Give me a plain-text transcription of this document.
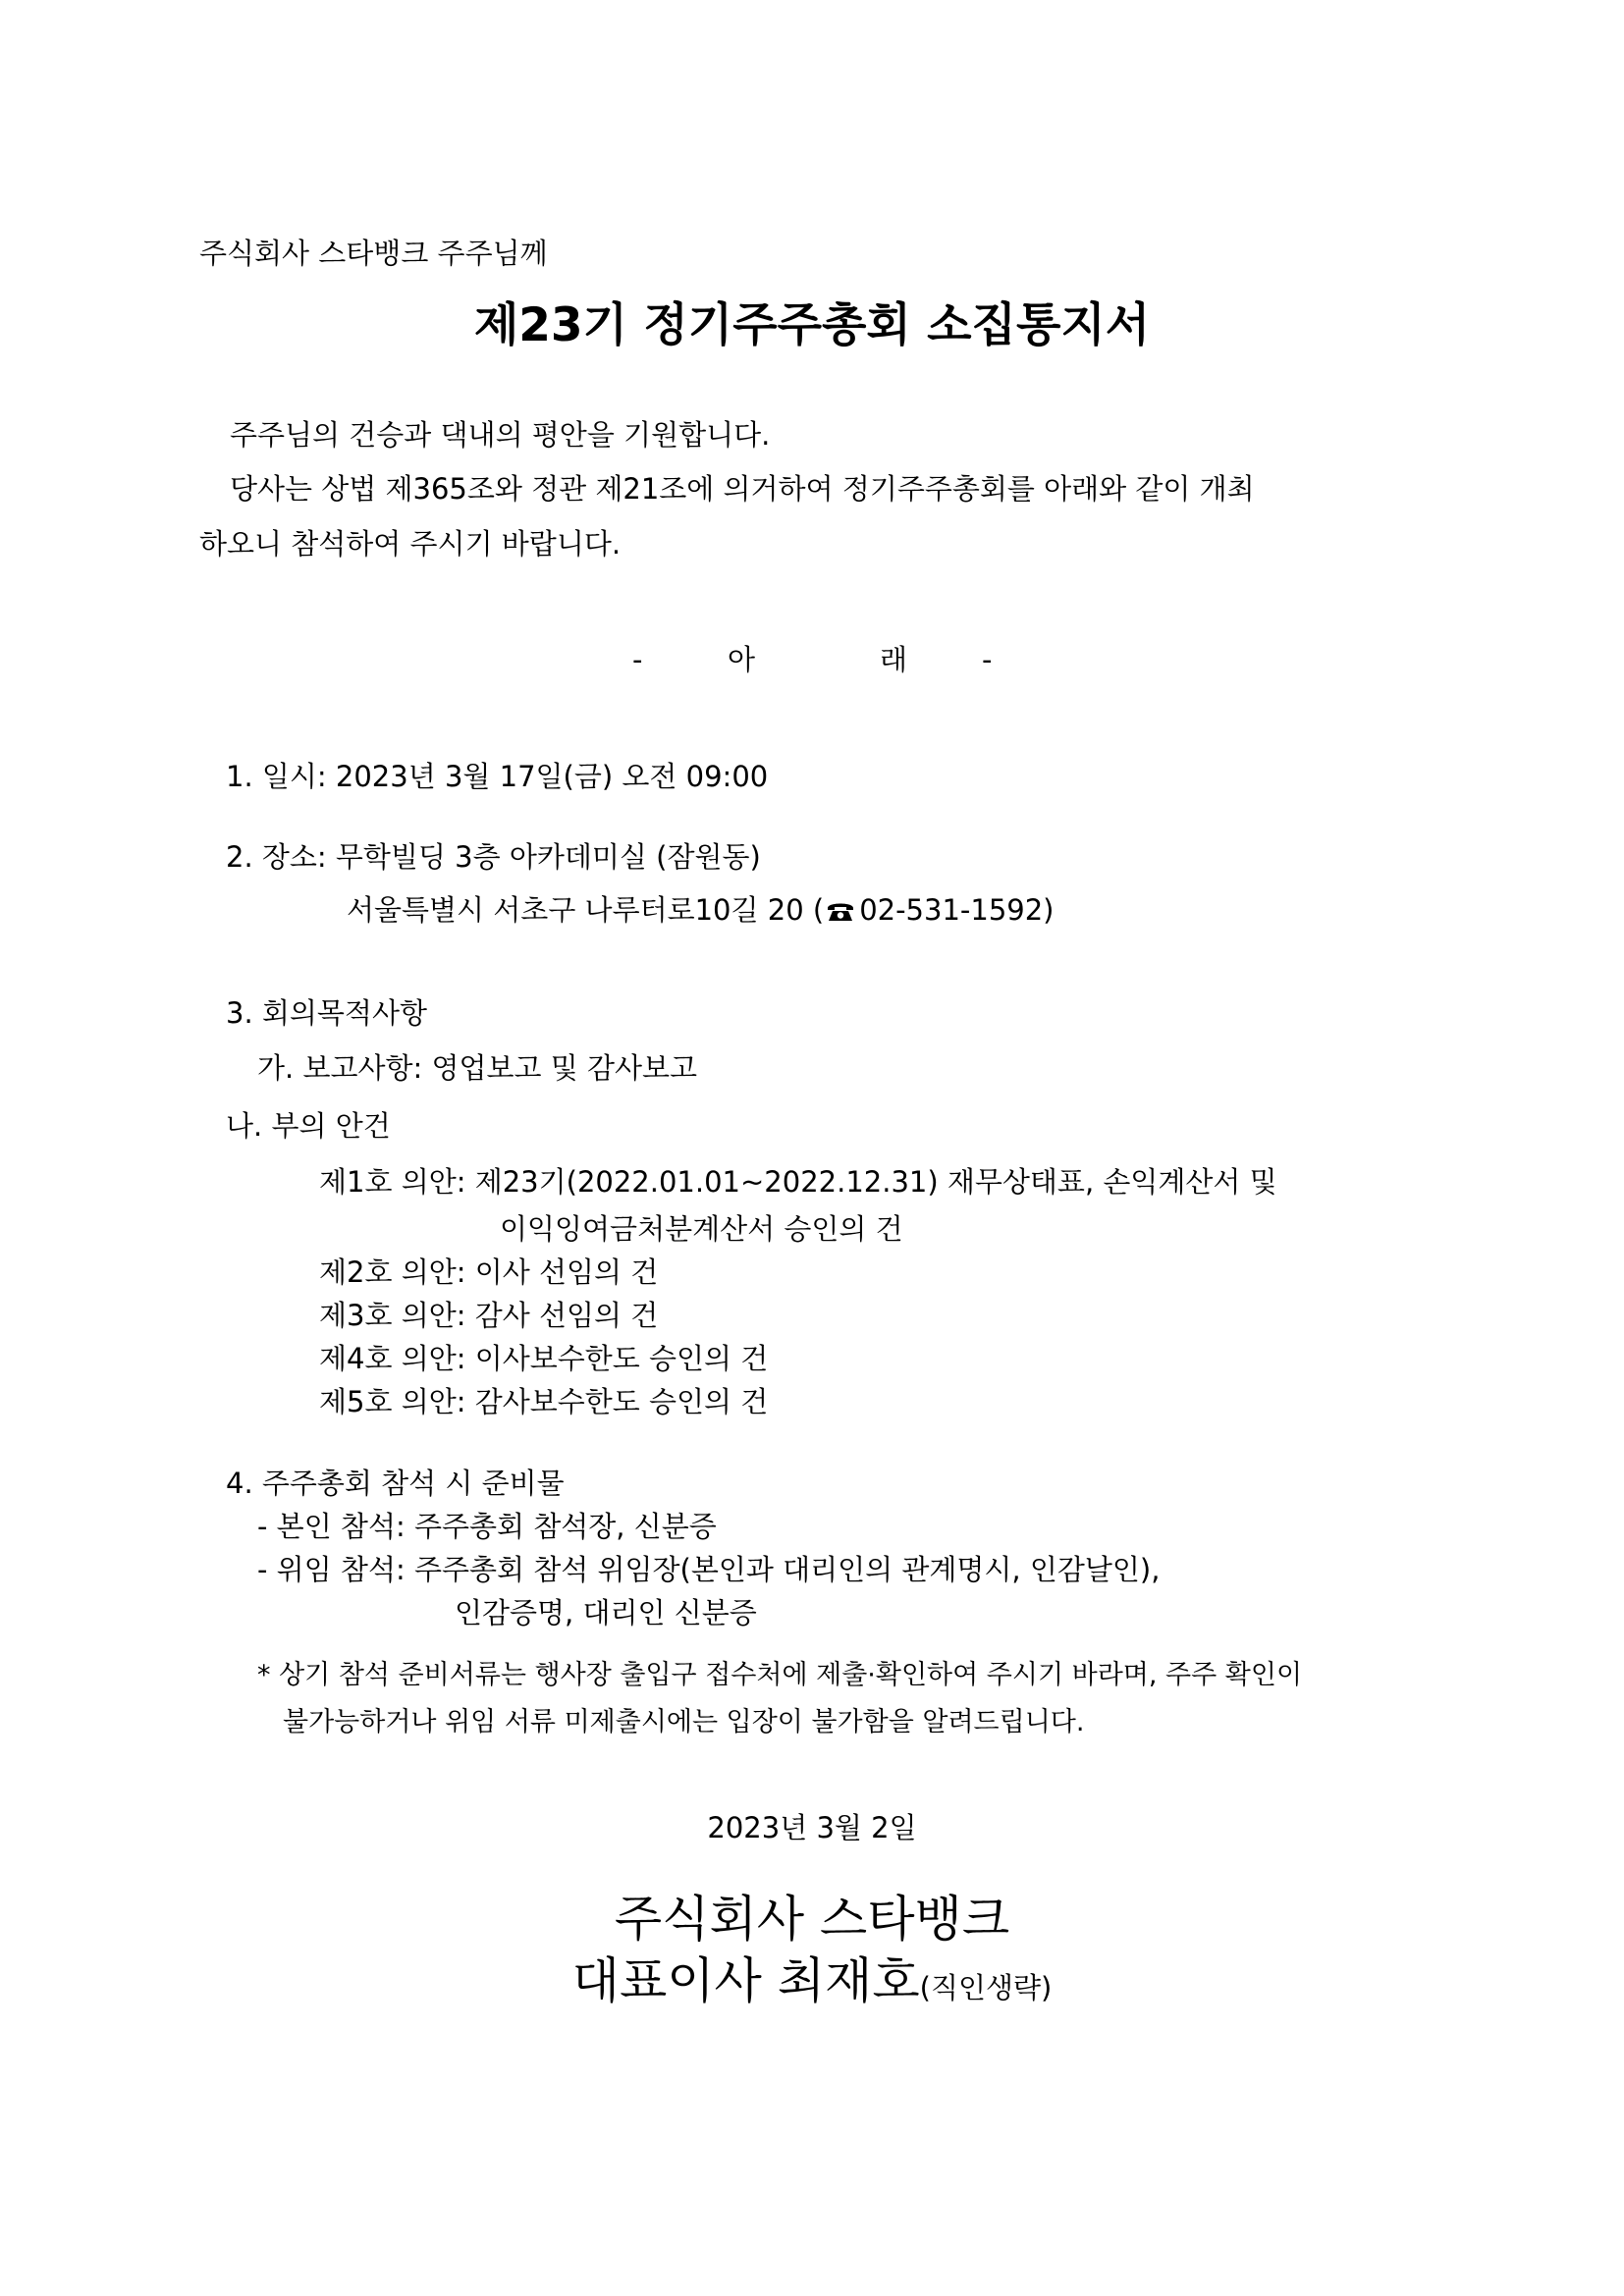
주식회사 스타뱅크 주주님께

제23기 정기주주총회 소집통지서

주주님의 건승과 댁내의 평안을 기원합니다.

당사는 상법 제365조와 정관 제21조에 의거하여 정기주주총회를 아래와 같이 개최

하오니 참석하여 주시기 바랍니다.

-	아	래	-

1. 일시: 2023년 3월 17일(금) 오전 09:00

2. 장소: 무학빌딩 3층 아카데미실 (잠원동)

서울특별시 서초구 나루터로10길 20 ( 02-531-1592)

3. 회의목적사항

가. 보고사항: 영업보고 및 감사보고

나. 부의 안건

제1호 의안: 제23기(2022.01.01~2022.12.31) 재무상태표, 손익계산서 및

이익잉여금처분계산서 승인의 건

제2호 의안: 이사 선임의 건

제3호 의안: 감사 선임의 건

제4호 의안: 이사보수한도 승인의 건

제5호 의안: 감사보수한도 승인의 건

4. 주주총회 참석 시 준비물

- 본인 참석: 주주총회 참석장, 신분증

- 위임 참석: 주주총회 참석 위임장(본인과 대리인의 관계명시, 인감날인),

인감증명, 대리인 신분증

* 상기 참석 준비서류는 행사장 출입구 접수처에 제출·확인하여 주시기 바라며, 주주 확인이

불가능하거나 위임 서류 미제출시에는 입장이 불가함을 알려드립니다.

2023년 3월 2일

주식회사 스타뱅크

대표이사 최재호(직인생략)
